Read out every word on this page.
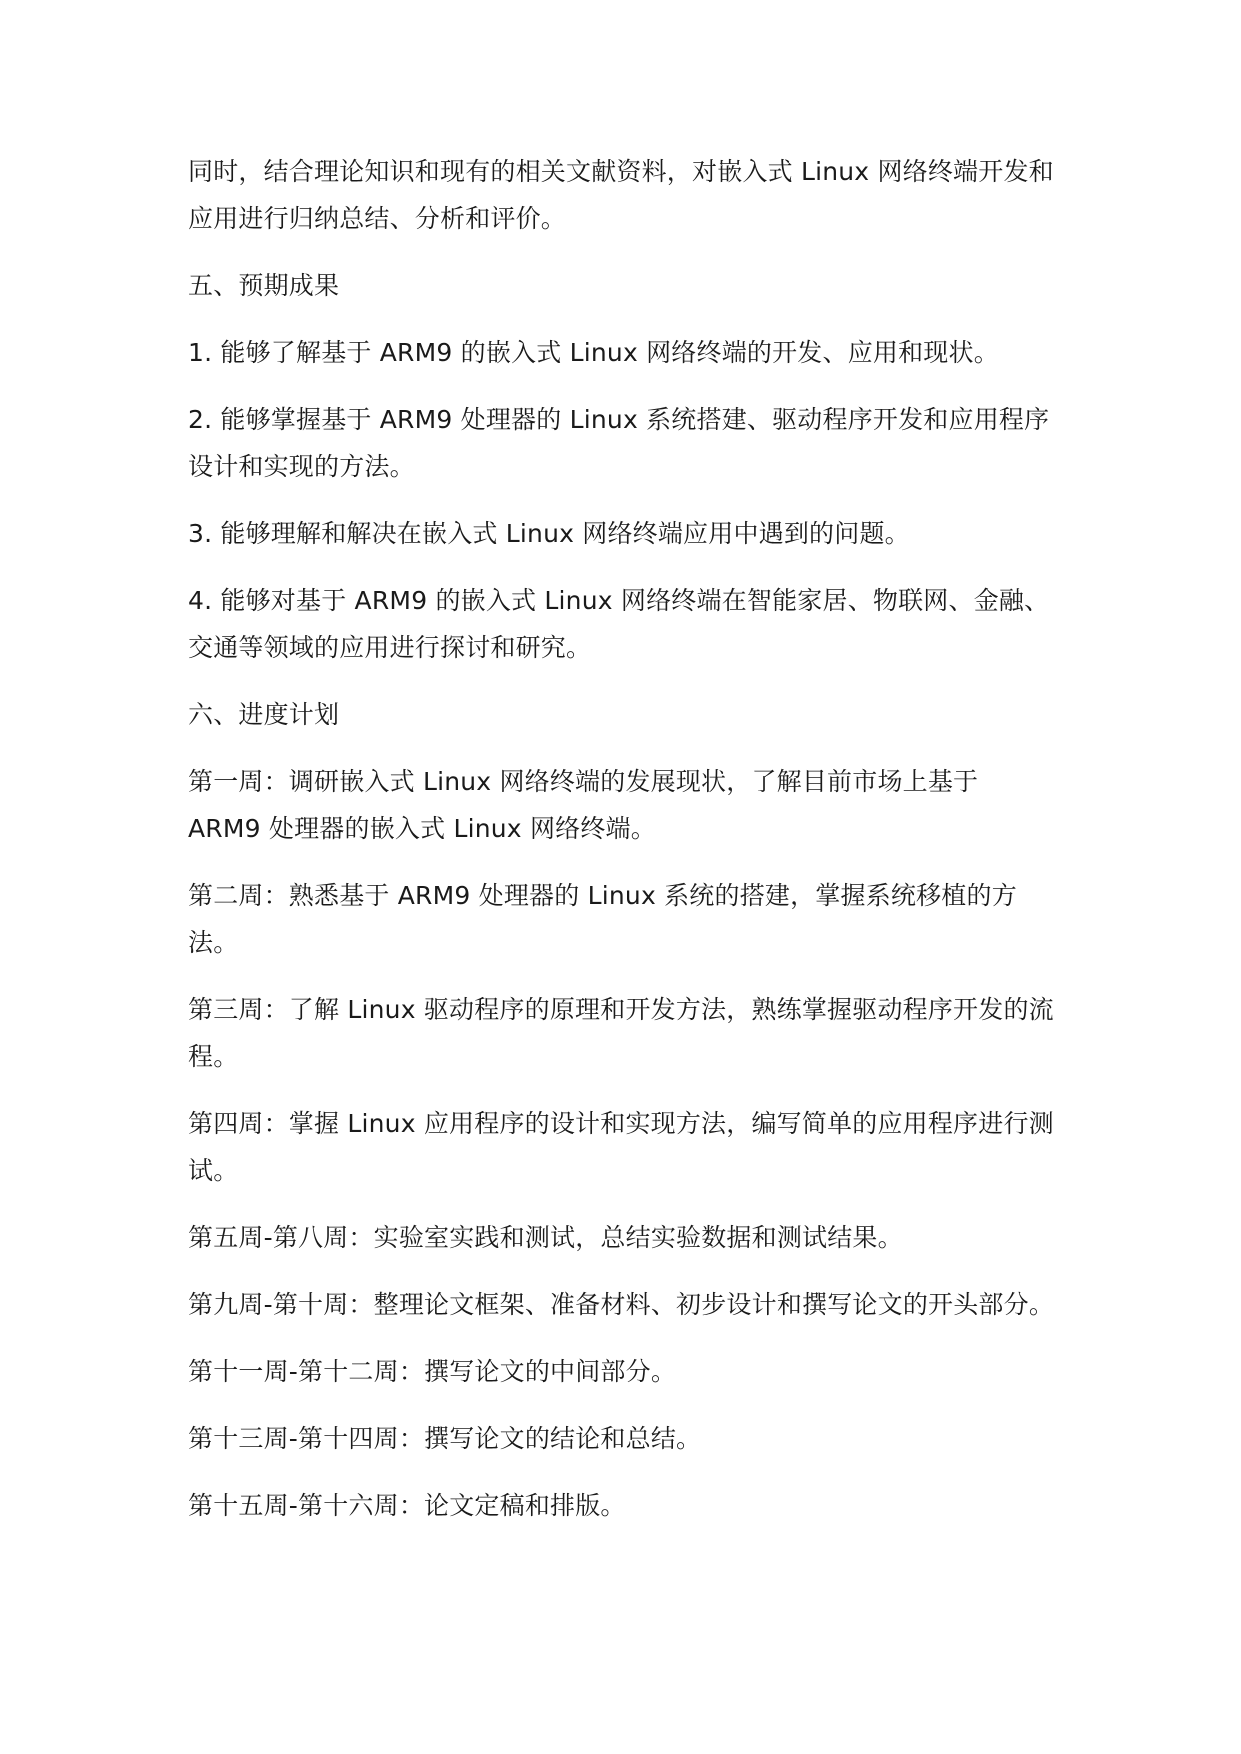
同时，结合理论知识和现有的相关文献资料，对嵌入式 Linux 网络终端开发和应用进行归纳总结、分析和评价。

五、预期成果

1. 能够了解基于 ARM9 的嵌入式 Linux 网络终端的开发、应用和现状。

2. 能够掌握基于 ARM9 处理器的 Linux 系统搭建、驱动程序开发和应用程序设计和实现的方法。

3. 能够理解和解决在嵌入式 Linux 网络终端应用中遇到的问题。

4. 能够对基于 ARM9 的嵌入式 Linux 网络终端在智能家居、物联网、金融、交通等领域的应用进行探讨和研究。

六、进度计划

第一周：调研嵌入式 Linux 网络终端的发展现状，了解目前市场上基于 ARM9 处理器的嵌入式 Linux 网络终端。

第二周：熟悉基于 ARM9 处理器的 Linux 系统的搭建，掌握系统移植的方法。

第三周：了解 Linux 驱动程序的原理和开发方法，熟练掌握驱动程序开发的流程。

第四周：掌握 Linux 应用程序的设计和实现方法，编写简单的应用程序进行测试。

第五周-第八周：实验室实践和测试，总结实验数据和测试结果。

第九周-第十周：整理论文框架、准备材料、初步设计和撰写论文的开头部分。

第十一周-第十二周：撰写论文的中间部分。

第十三周-第十四周：撰写论文的结论和总结。

第十五周-第十六周：论文定稿和排版。
